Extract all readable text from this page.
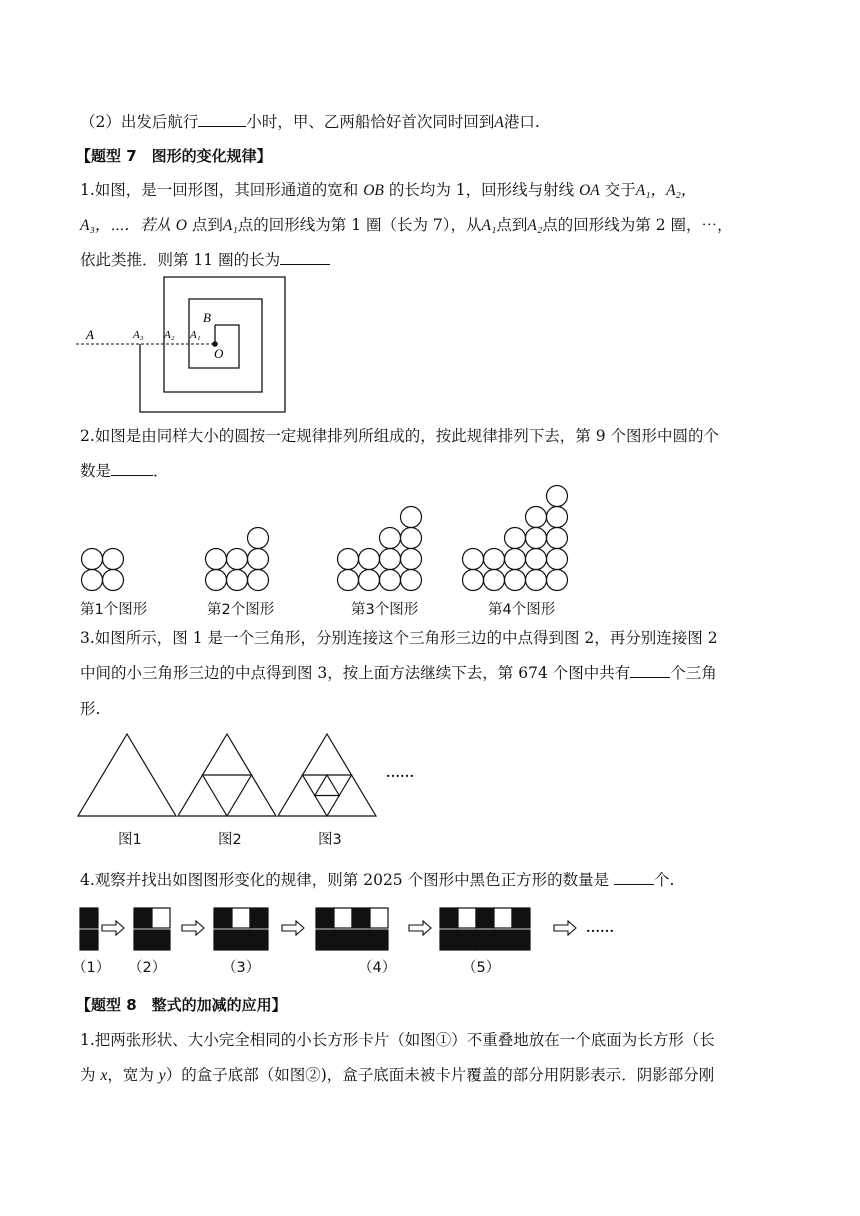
（2）出发后航行	小时，甲、乙两船恰好首次同时回到A港口.
【题型 7　图形的变化规律】
1.如图，是一回形图，其回形通道的宽和 OB 的长均为 1，回形线与射线 OA 交于A₁，A₂，
A₃，⋯．若从 O 点到A₁点的回形线为第 1 圈（长为 7），从A₁点到A₂点的回形线为第 2 圈，⋯，
依此类推．则第 11 圈的长为
A	A₃ A₂ A₁
B
O
2.如图是由同样大小的圆按一定规律排列所组成的，按此规律排列下去，第 9 个图形中圆的个
数是	．
第1个图形	第2个图形	第3个图形	第4个图形
3.如图所示，图 1 是一个三角形，分别连接这个三角形三边的中点得到图 2，再分别连接图 2
中间的小三角形三边的中点得到图 3，按上面方法继续下去，第 674 个图中共有	个三角
形.
……
图1	图2	图3
4.观察并找出如图图形变化的规律，则第 2025 个图形中黑色正方形的数量是	个.
……
（1） （2）	（3）	（4）	（5）
【题型 8　整式的加减的应用】
1.把两张形状、大小完全相同的小长方形卡片（如图①）不重叠地放在一个底面为长方形（长
为 x，宽为 y）的盒子底部（如图②)，盒子底面未被卡片覆盖的部分用阴影表示．阴影部分刚
